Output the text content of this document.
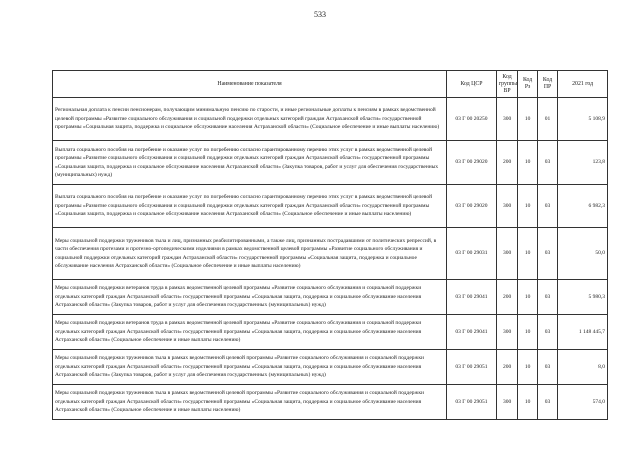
533
Наименование показателя	Код ЦСР	Код группы ВР	Код Рз	Код ПР	2021 год
Региональная доплата к пенсии пенсионерам, получающим минимальную пенсию по старости, и иные региональные доплаты к пенсиям в рамках ведомственной целевой программы «Развитие социального обслуживания и социальной поддержки отдельных категорий граждан Астраханской области» государственной программы «Социальная защита, поддержка и социальное обслуживание населения Астраханской области» (Социальное обеспечение и иные выплаты населению)	03 Г 00 20250	300	10	01	5 108,9
Выплата социального пособия на погребение и оказание услуг по погребению согласно гарантированному перечню этих услуг в рамках ведомственной целевой программы «Развитие социального обслуживания и социальной поддержки отдельных категорий граждан Астраханской области» государственной программы «Социальная защита, поддержка и социальное обслуживание населения Астраханской области» (Закупка товаров, работ и услуг для обеспечения государственных (муниципальных) нужд)	03 Г 00 29020	200	10	03	123,8
Выплата социального пособия на погребение и оказание услуг по погребению согласно гарантированному перечню этих услуг в рамках ведомственной целевой программы «Развитие социального обслуживания и социальной поддержки отдельных категорий граждан Астраханской области» государственной программы «Социальная защита, поддержка и социальное обслуживание населения Астраханской области» (Социальное обеспечение и иные выплаты населению)	03 Г 00 29020	300	10	03	6 982,3
Меры социальной поддержки тружеников тыла и лиц, признанных реабилитированными, а также лиц, признанных пострадавшими от политических репрессий, в части обеспечения протезами и протезно-ортопедическими изделиями в рамках ведомственной целевой программы «Развитие социального обслуживания и социальной поддержки отдельных категорий граждан Астраханской области» государственной программы «Социальная защита, поддержка и социальное обслуживание населения Астраханской области» (Социальное обеспечение и иные выплаты населению)	03 Г 00 29031	300	10	03	50,0
Меры социальной поддержки ветеранов труда в рамках ведомственной целевой программы «Развитие социального обслуживания и социальной поддержки отдельных категорий граждан Астраханской области» государственной программы «Социальная защита, поддержка и социальное обслуживание населения Астраханской области» (Закупка товаров, работ и услуг для обеспечения государственных (муниципальных) нужд)	03 Г 00 29041	200	10	03	5 980,3
Меры социальной поддержки ветеранов труда в рамках ведомственной целевой программы «Развитие социального обслуживания и социальной поддержки отдельных категорий граждан Астраханской области» государственной программы «Социальная защита, поддержка и социальное обслуживание населения Астраханской области» (Социальное обеспечение и иные выплаты населению)	03 Г 00 29041	300	10	03	1 148 445,7
Меры социальной поддержки тружеников тыла в рамках ведомственной целевой программы «Развитие социального обслуживания и социальной поддержки отдельных категорий граждан Астраханской области» государственной программы «Социальная защита, поддержка и социальное обслуживание населения Астраханской области» (Закупка товаров, работ и услуг для обеспечения государственных (муниципальных) нужд)	03 Г 00 29051	200	10	03	8,0
Меры социальной поддержки тружеников тыла в рамках ведомственной целевой программы «Развитие социального обслуживания и социальной поддержки отдельных категорий граждан Астраханской области» государственной программы «Социальная защита, поддержка и социальное обслуживание населения Астраханской области» (Социальное обеспечение и иные выплаты населению)	03 Г 00 29051	300	10	03	574,0
